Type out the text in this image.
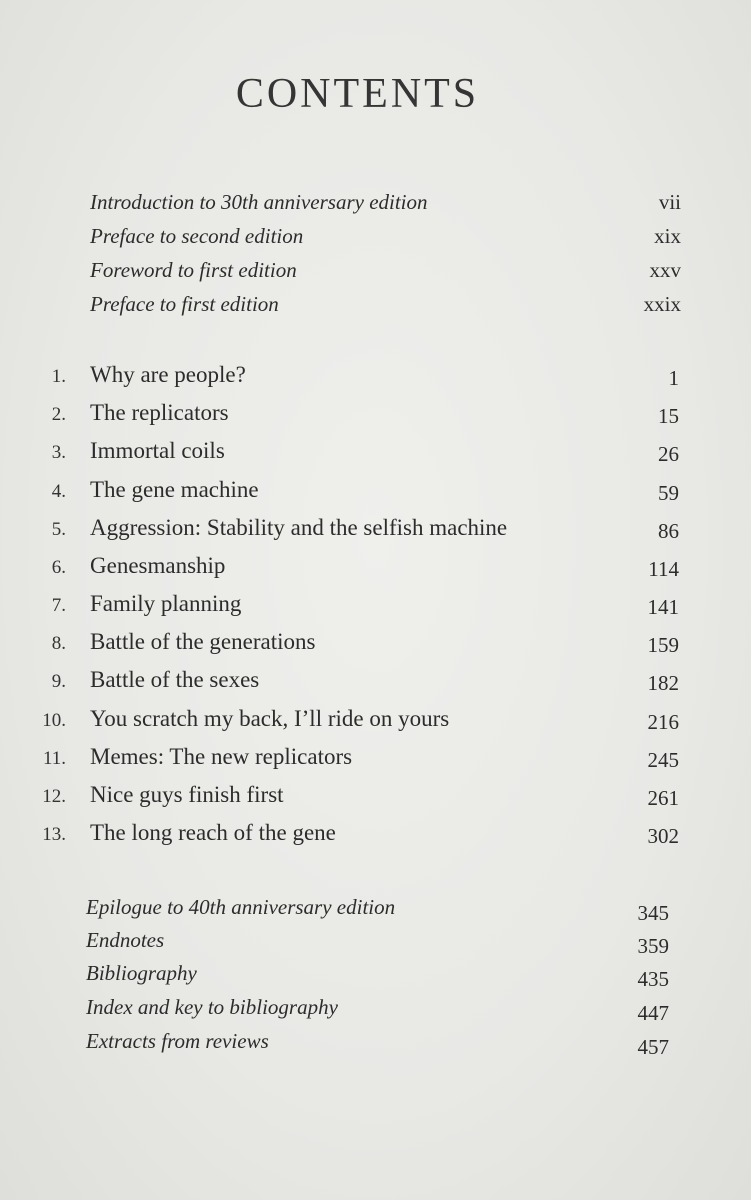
CONTENTS
Introduction to 30th anniversary edition	vii
Preface to second edition	xix
Foreword to first edition	xxv
Preface to first edition	xxix
1. Why are people?	1
2. The replicators	15
3. Immortal coils	26
4. The gene machine	59
5. Aggression: Stability and the selfish machine	86
6. Genesmanship	114
7. Family planning	141
8. Battle of the generations	159
9. Battle of the sexes	182
10. You scratch my back, I’ll ride on yours	216
11. Memes: The new replicators	245
12. Nice guys finish first	261
13. The long reach of the gene	302
Epilogue to 40th anniversary edition	345
Endnotes	359
Bibliography	435
Index and key to bibliography	447
Extracts from reviews	457
